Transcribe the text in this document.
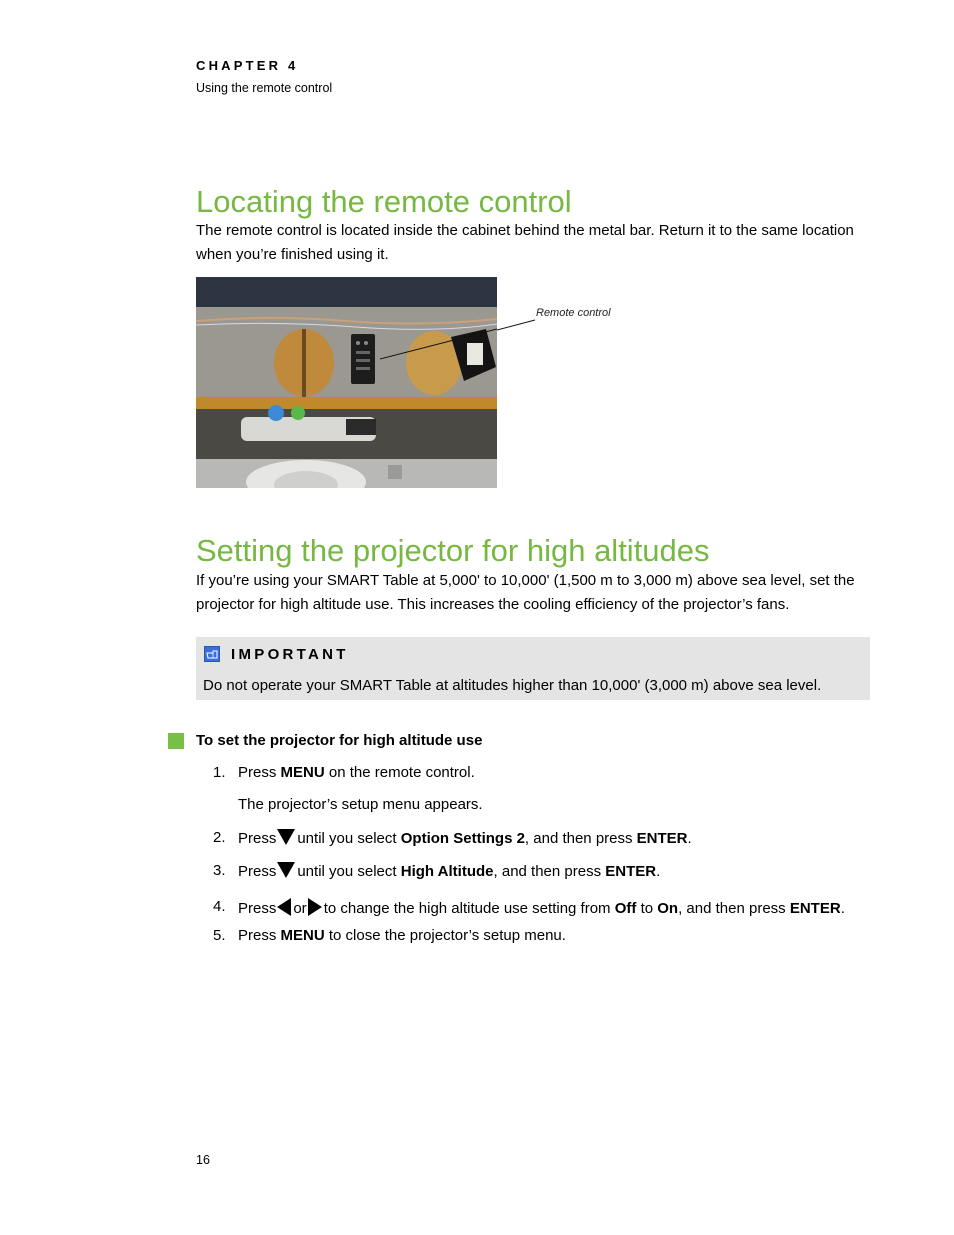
CHAPTER 4
Using the remote control
Locating the remote control
The remote control is located inside the cabinet behind the metal bar. Return it to the same location when you’re finished using it.
Remote control
Setting the projector for high altitudes
If you’re using your SMART Table at 5,000' to 10,000' (1,500 m to 3,000 m) above sea level, set the projector for high altitude use. This increases the cooling efficiency of the projector’s fans.
IMPORTANT
Do not operate your SMART Table at altitudes higher than 10,000' (3,000 m) above sea level.
To set the projector for high altitude use
1. Press MENU on the remote control.
The projector’s setup menu appears.
2. Press until you select Option Settings 2, and then press ENTER.
3. Press until you select High Altitude, and then press ENTER.
4. Press or to change the high altitude use setting from Off to On, and then press ENTER.
5. Press MENU to close the projector’s setup menu.
16
